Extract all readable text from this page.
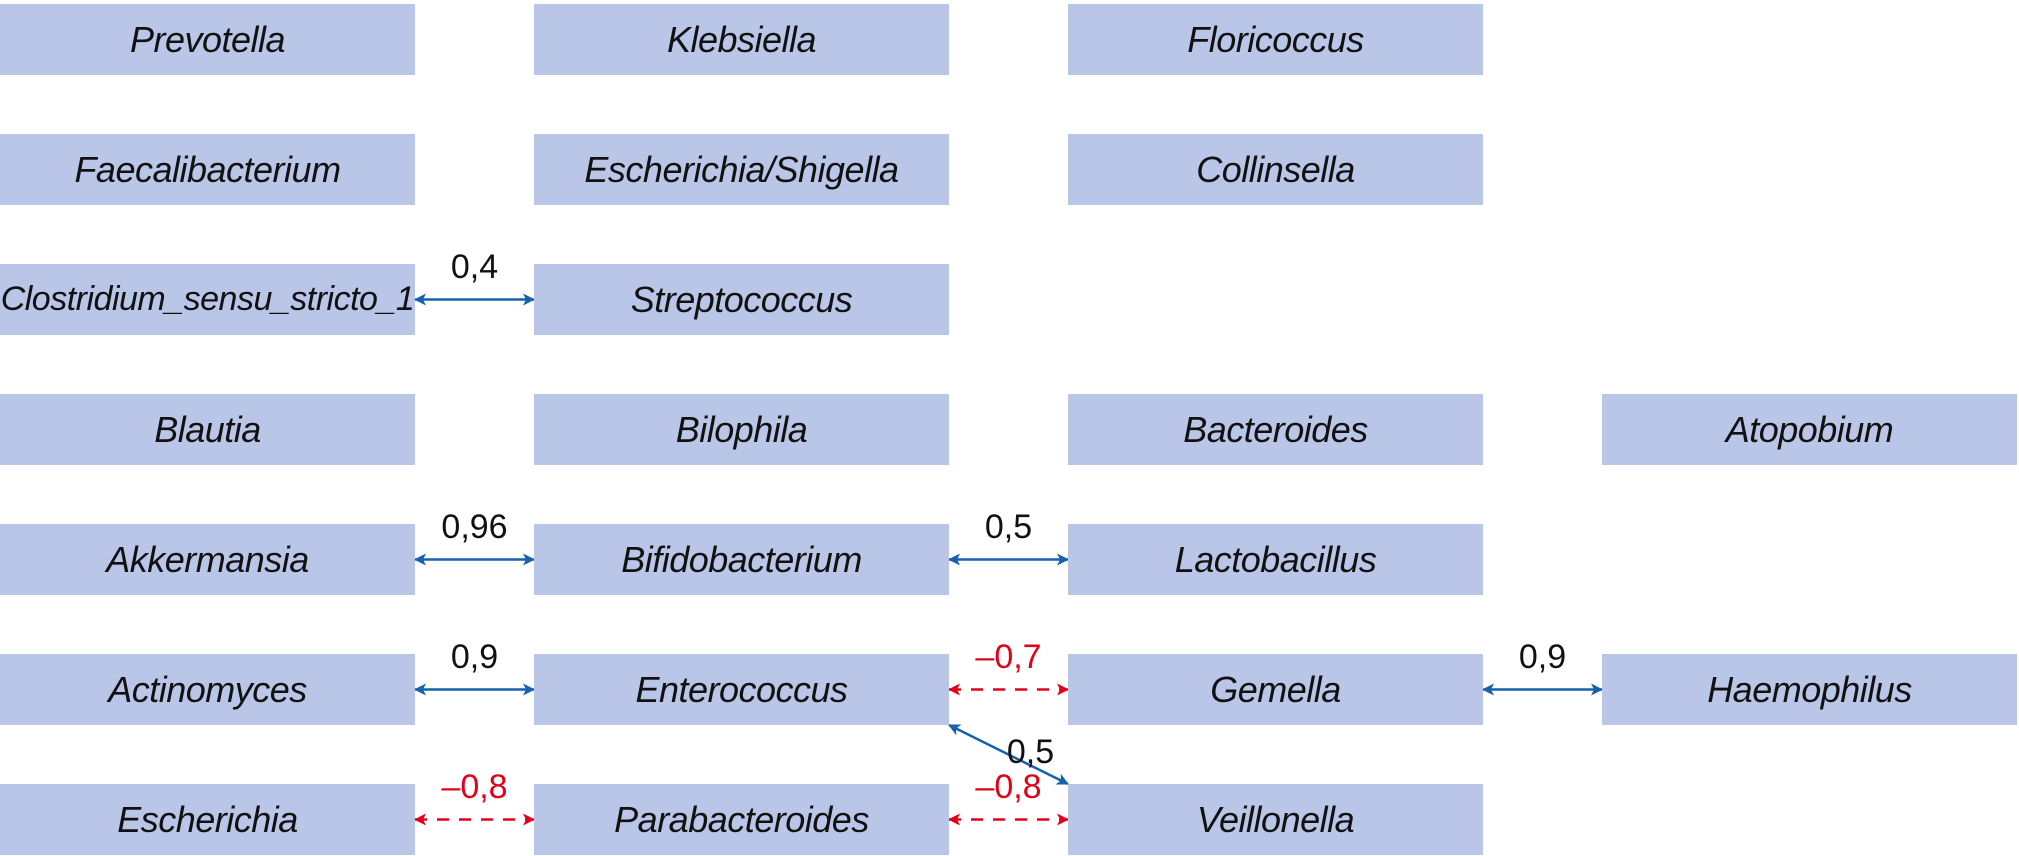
Prevotella	Klebsiella	Floricoccus
Faecalibacterium	Escherichia/Shigella	Collinsella
Clostridium_sensu_stricto_1	Streptococcus
Blautia	Bilophila	Bacteroides	Atopobium
Akkermansia	Bifidobacterium	Lactobacillus
Actinomyces	Enterococcus	Gemella	Haemophilus
Escherichia	Parabacteroides	Veillonella
0,4
0,96	0,5
0,9	–0,7	0,9
0,5
–0,8	–0,8
